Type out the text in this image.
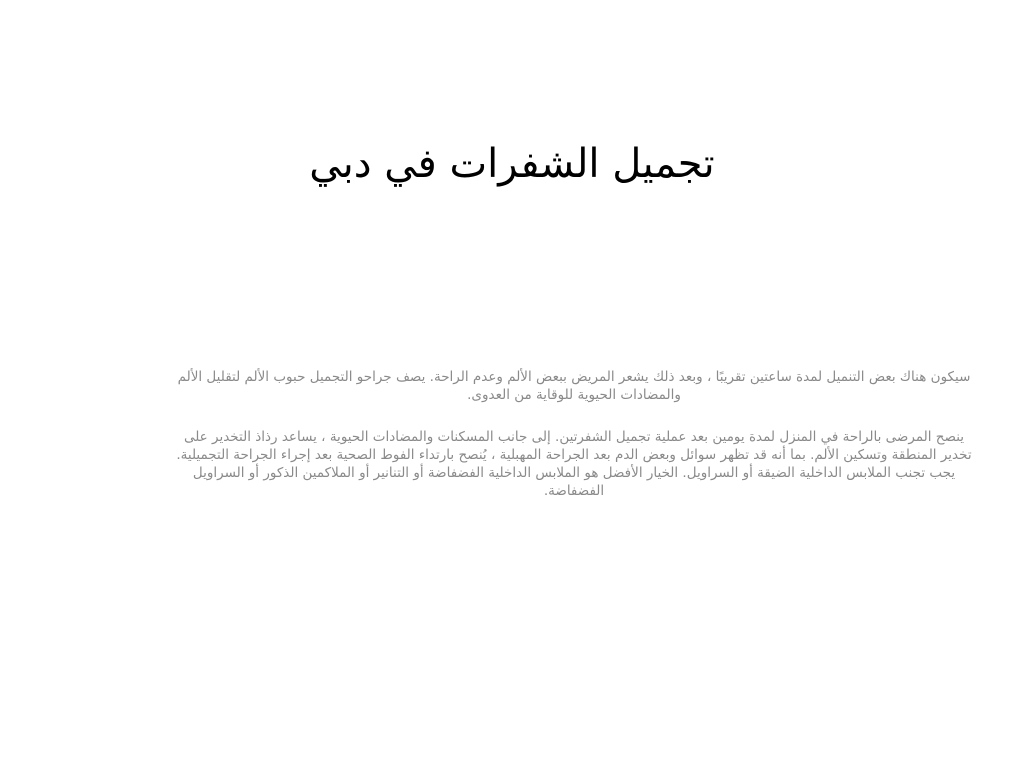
تجميل الشفرات في دبي

سيكون هناك بعض التنميل لمدة ساعتين تقريبًا ، وبعد ذلك يشعر المريض ببعض الألم وعدم الراحة. يصف جراحو التجميل حبوب الألم لتقليل الألم والمضادات الحيوية للوقاية من العدوى.

ينصح المرضى بالراحة في المنزل لمدة يومين بعد عملية تجميل الشفرتين. إلى جانب المسكنات والمضادات الحيوية ، يساعد رذاذ التخدير على تخدير المنطقة وتسكين الألم. بما أنه قد تظهر سوائل وبعض الدم بعد الجراحة المهبلية ، يُنصح بارتداء الفوط الصحية بعد إجراء الجراحة التجميلية. يجب تجنب الملابس الداخلية الضيقة أو السراويل. الخيار الأفضل هو الملابس الداخلية الفضفاضة أو التنانير أو الملاكمين الذكور أو السراويل الفضفاضة.
